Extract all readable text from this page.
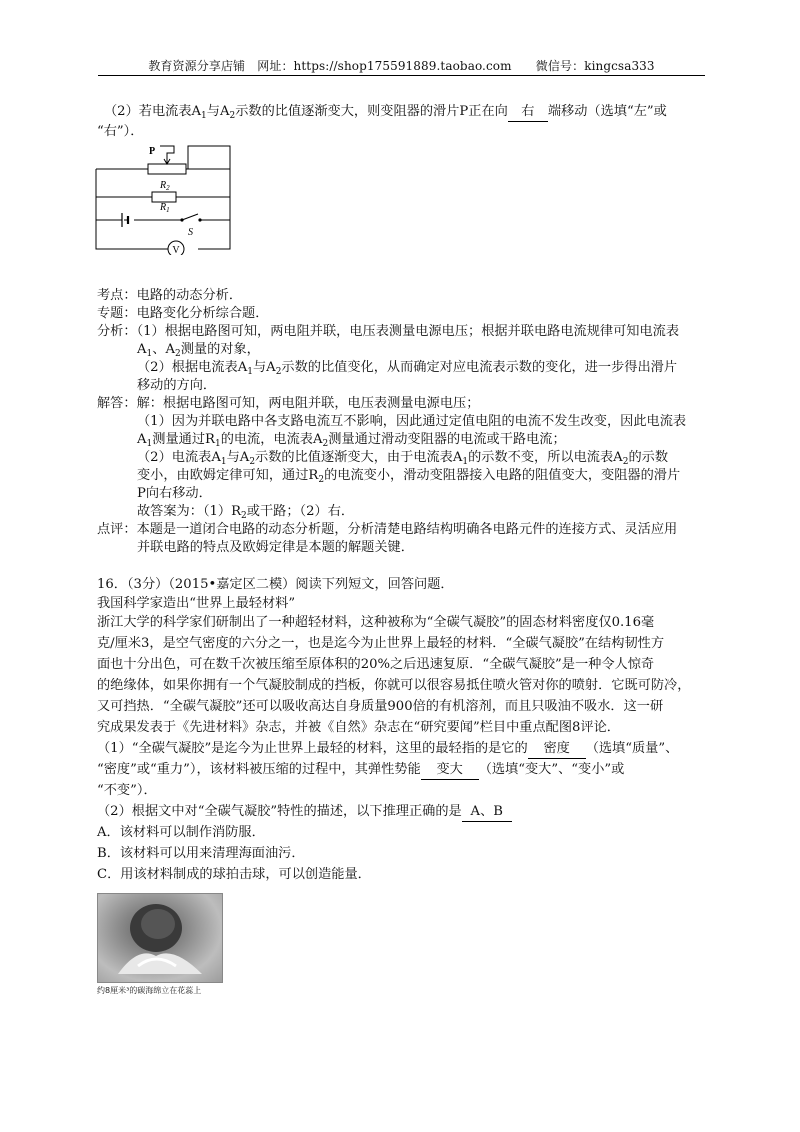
教育资源分享店铺　网址：https://shop175591889.taobao.com　　微信号：kingcsa333
（2）若电流表$A_1$与$A_2$示数的比值逐渐变大，则变阻器的滑片P正在向 右 端移动（选填“左”或
“右”）．
V
P
$R_2$
$R_1$
S
考点：电路的动态分析．
专题：电路变化分析综合题．
分析：（1）根据电路图可知，两电阻并联，电压表测量电源电压；根据并联电路电流规律可知电流表
$A_1$、$A_2$测量的对象，
（2）根据电流表$A_1$与$A_2$示数的比值变化，从而确定对应电流表示数的变化，进一步得出滑片
移动的方向．
解答：解：根据电路图可知，两电阻并联，电压表测量电源电压；
（1）因为并联电路中各支路电流互不影响，因此通过定值电阻的电流不发生改变，因此电流表
$A_1$测量通过$R_1$的电流，电流表$A_2$测量通过滑动变阻器的电流或干路电流；
（2）电流表$A_1$与$A_2$示数的比值逐渐变大，由于电流表$A_1$的示数不变，所以电流表$A_2$的示数
变小，由欧姆定律可知，通过$R_2$的电流变小，滑动变阻器接入电路的阻值变大，变阻器的滑片
P向右移动．
故答案为：$(1)R_2$或干路；（2）右．
点评：本题是一道闭合电路的动态分析题，分析清楚电路结构明确各电路元件的连接方式、灵活应用
并联电路的特点及欧姆定律是本题的解题关键．
16．（3分）（2015•嘉定区二模）阅读下列短文，回答问题．
我国科学家造出“世界上最轻材料”
浙江大学的科学家们研制出了一种超轻材料，这种被称为“全碳气凝胶”的固态材料密度仅0.16毫
克/厘米3，是空气密度的六分之一，也是迄今为止世界上最轻的材料．“全碳气凝胶”在结构韧性方
面也十分出色，可在数千次被压缩至原体积的20%之后迅速复原．“全碳气凝胶”是一种令人惊奇
的绝缘体，如果你拥有一个气凝胶制成的挡板，你就可以很容易抵住喷火管对你的喷射．它既可防冷，
又可挡热．“全碳气凝胶”还可以吸收高达自身质量900倍的有机溶剂，而且只吸油不吸水．这一研
究成果发表于《先进材料》杂志，并被《自然》杂志在“研究要闻”栏目中重点配图8评论．
（1）“全碳气凝胶”是迄今为止世界上最轻的材料，这里的最轻指的是它的 密度 （选填“质量”、
“密度”或“重力”），该材料被压缩的过程中，其弹性势能 变大 （选填“变大”、“变小”或
“不变”）．
（2）根据文中对“全碳气凝胶”特性的描述，以下推理正确的是 A、B
A．该材料可以制作消防服．
B．该材料可以用来清理海面油污．
C．用该材料制成的球拍击球，可以创造能量．
约8厘米³的碳海绵立在花蕊上
